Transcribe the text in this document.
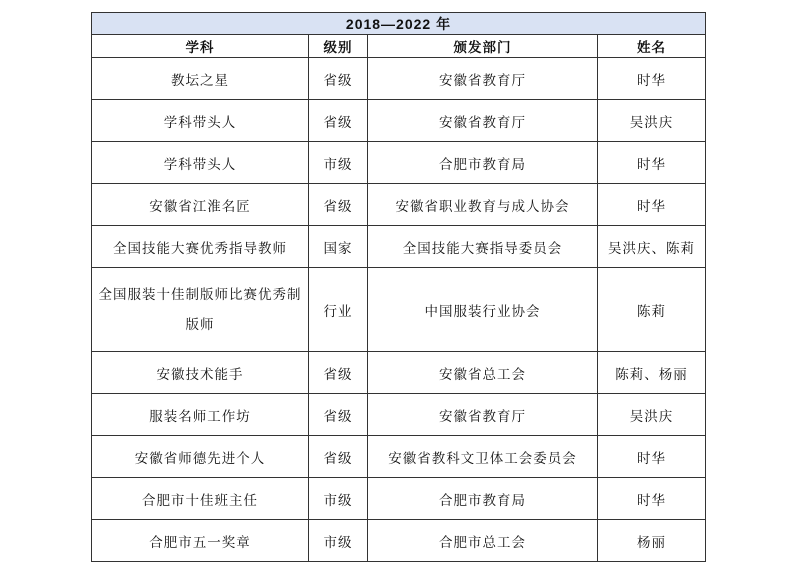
2018—2022 年			
学科	级别	颁发部门	姓名
教坛之星	省级	安徽省教育厅	时华
学科带头人	省级	安徽省教育厅	吴洪庆
学科带头人	市级	合肥市教育局	时华
安徽省江淮名匠	省级	安徽省职业教育与成人协会	时华
全国技能大赛优秀指导教师	国家	全国技能大赛指导委员会	吴洪庆、陈莉
全国服装十佳制版师比赛优秀制版师	行业	中国服装行业协会	陈莉
安徽技术能手	省级	安徽省总工会	陈莉、杨丽
服装名师工作坊	省级	安徽省教育厅	吴洪庆
安徽省师德先进个人	省级	安徽省教科文卫体工会委员会	时华
合肥市十佳班主任	市级	合肥市教育局	时华
合肥市五一奖章	市级	合肥市总工会	杨丽
